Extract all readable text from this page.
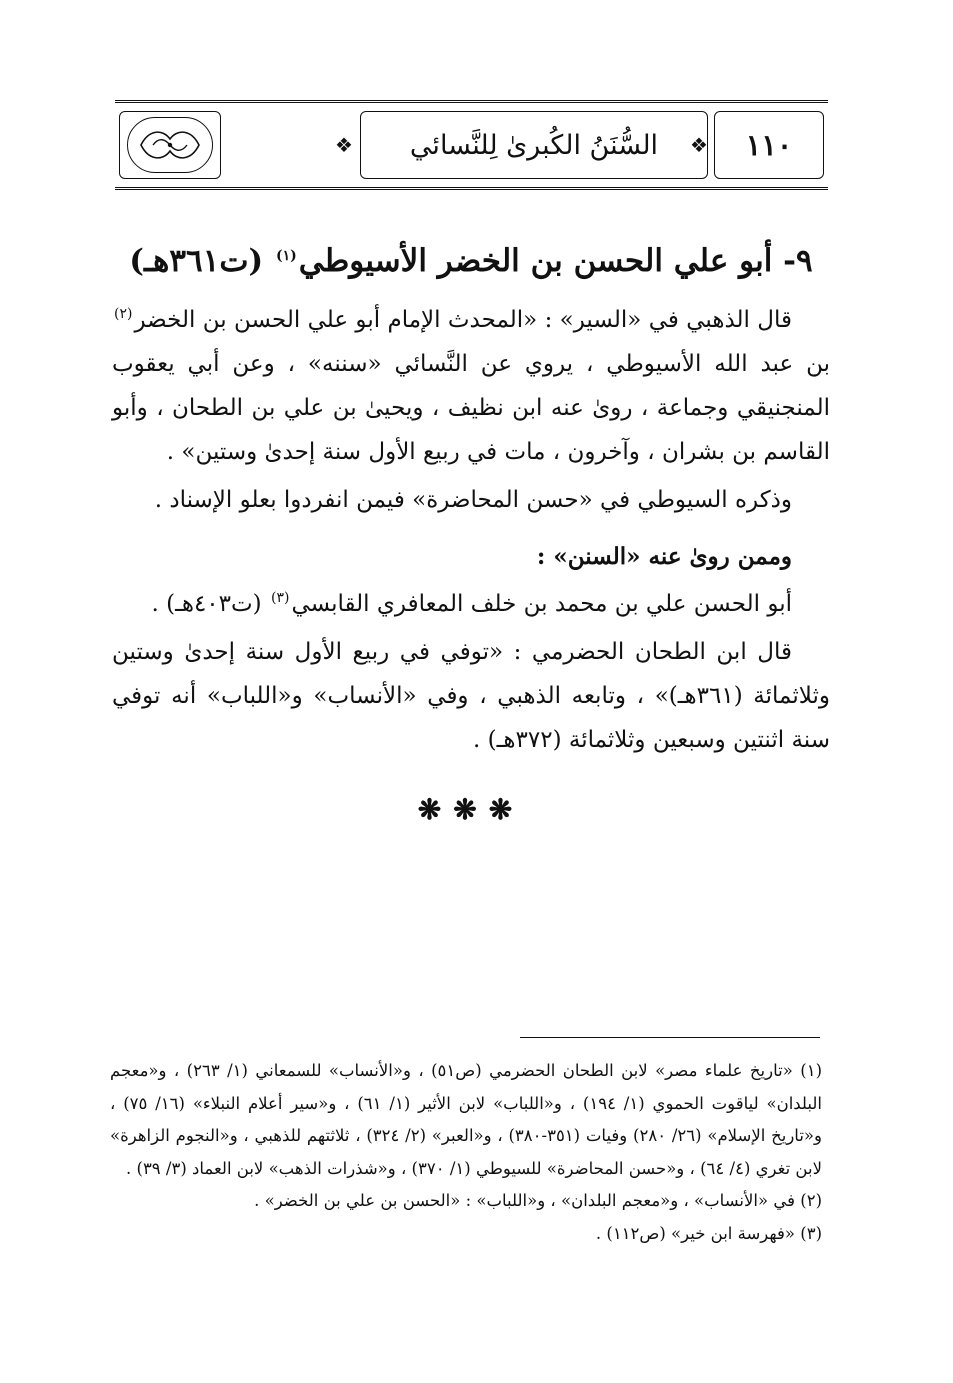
١١٠
❖
السُّنَنُ الكُبرىٰ لِلنَّسائي
❖
٩- أبو علي الحسن بن الخضر الأسيوطي$^{(١)}$ (ت٣٦١هـ)

قال الذهبي في «السير» : «المحدث الإمام أبو علي الحسن بن الخضر$^{(٢)}$ بن عبد الله الأسيوطي ، يروي عن النَّسائي «سننه» ، وعن أبي يعقوب المنجنيقي وجماعة ، روىٰ عنه ابن نظيف ، ويحيىٰ بن علي بن الطحان ، وأبو القاسم بن بشران ، وآخرون ، مات في ربيع الأول سنة إحدىٰ وستين» .

وذكره السيوطي في «حسن المحاضرة» فيمن انفردوا بعلو الإسناد .

وممن روىٰ عنه «السنن» :

أبو الحسن علي بن محمد بن خلف المعافري القابسي$^{(٣)}$ (ت٤٠٣هـ) .

قال ابن الطحان الحضرمي : «توفي في ربيع الأول سنة إحدىٰ وستين وثلاثمائة (٣٦١هـ)» ، وتابعه الذهبي ، وفي «الأنساب» و«اللباب» أنه توفي سنة اثنتين وسبعين وثلاثمائة (٣٧٢هـ) .

❋❋❋

(١) «تاريخ علماء مصر» لابن الطحان الحضرمي (ص٥١) ، و«الأنساب» للسمعاني (١/ ٢٦٣) ، و«معجم البلدان» لياقوت الحموي (١/ ١٩٤) ، و«اللباب» لابن الأثير (١/ ٦١) ، و«سير أعلام النبلاء» (١٦/ ٧٥) ، و«تاريخ الإسلام» (٢٦/ ٢٨٠) وفيات (٣٥١-٣٨٠) ، و«العبر» (٢/ ٣٢٤) ، ثلاثتهم للذهبي ، و«النجوم الزاهرة» لابن تغري (٤/ ٦٤) ، و«حسن المحاضرة» للسيوطي (١/ ٣٧٠) ، و«شذرات الذهب» لابن العماد (٣/ ٣٩) .

(٢) في «الأنساب» ، و«معجم البلدان» ، و«اللباب» : «الحسن بن علي بن الخضر» .

(٣) «فهرسة ابن خير» (ص١١٢) .
